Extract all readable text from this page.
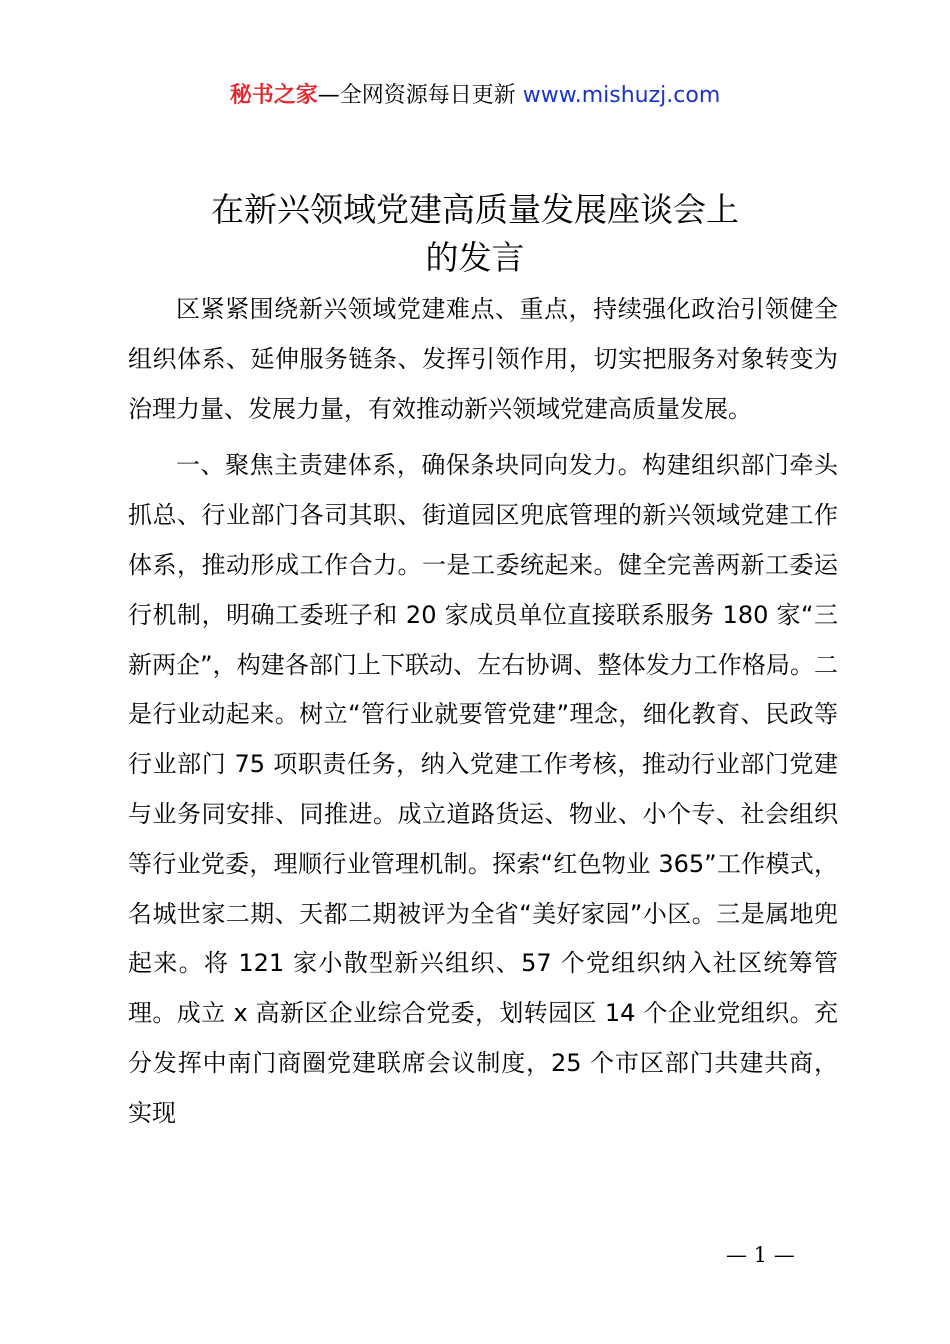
秘书之家—全网资源每日更新 www.mishuzj.com
在新兴领域党建高质量发展座谈会上
的发言

区紧紧围绕新兴领域党建难点、重点，持续强化政治引领健全组织体系、延伸服务链条、发挥引领作用，切实把服务对象转变为治理力量、发展力量，有效推动新兴领域党建高质量发展。

一、聚焦主责建体系，确保条块同向发力。构建组织部门牵头抓总、行业部门各司其职、街道园区兜底管理的新兴领域党建工作体系，推动形成工作合力。一是工委统起来。健全完善两新工委运行机制，明确工委班子和 20 家成员单位直接联系服务 180 家“三新两企”，构建各部门上下联动、左右协调、整体发力工作格局。二是行业动起来。树立“管行业就要管党建”理念，细化教育、民政等行业部门 75 项职责任务，纳入党建工作考核，推动行业部门党建与业务同安排、同推进。成立道路货运、物业、小个专、社会组织等行业党委，理顺行业管理机制。探索“红色物业 365”工作模式，名城世家二期、天都二期被评为全省“美好家园”小区。三是属地兜起来。将 121 家小散型新兴组织、57 个党组织纳入社区统筹管理。成立 x 高新区企业综合党委，划转园区 14 个企业党组织。充分发挥中南门商圈党建联席会议制度，25 个市区部门共建共商，实现

— 1 —
